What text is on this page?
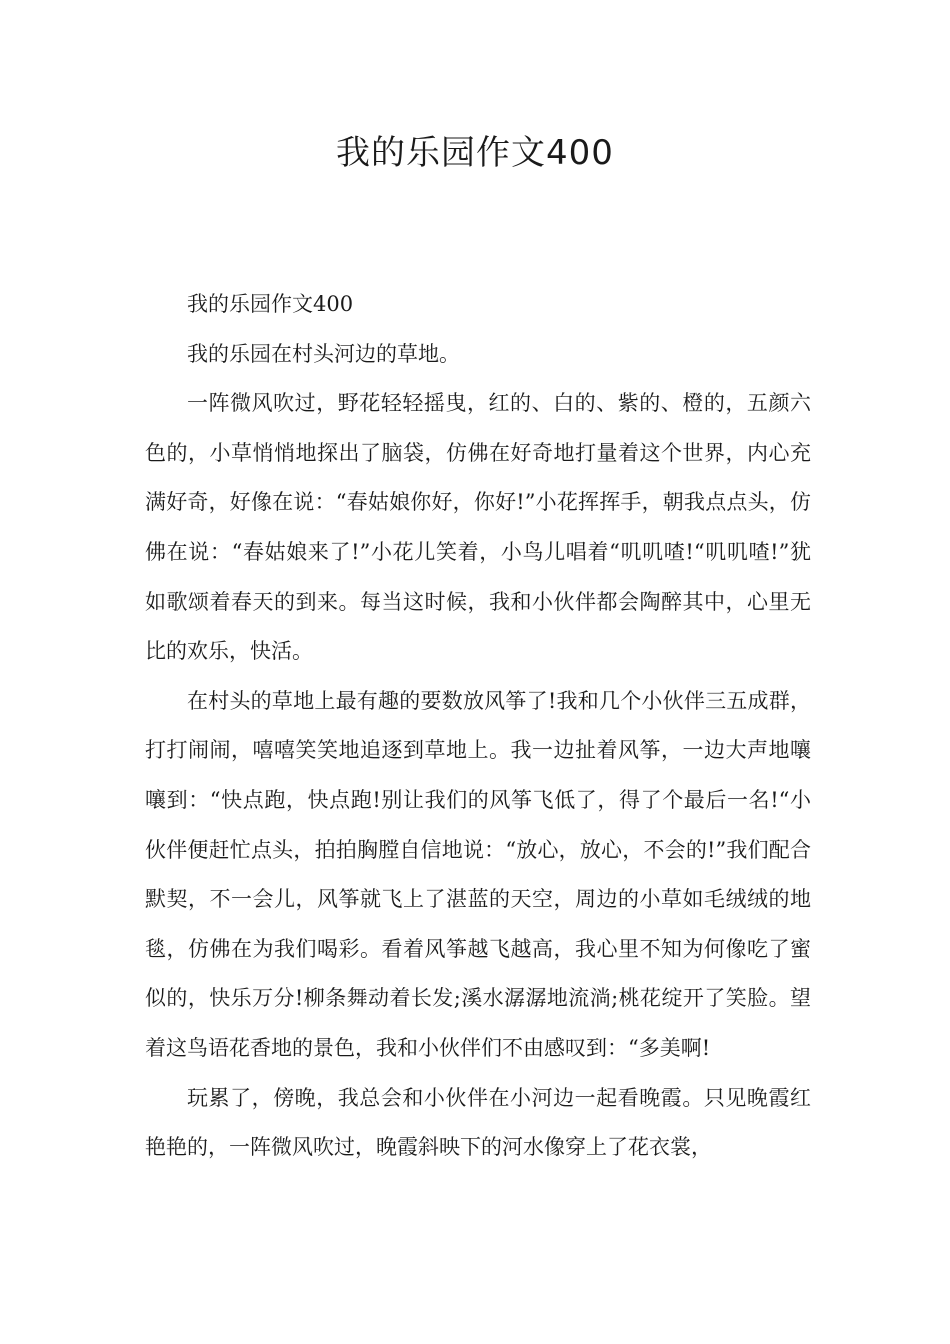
我的乐园作文400

我的乐园作文400

我的乐园在村头河边的草地。

一阵微风吹过，野花轻轻摇曳，红的、白的、紫的、橙的，五颜六色的，小草悄悄地探出了脑袋，仿佛在好奇地打量着这个世界，内心充满好奇，好像在说：“春姑娘你好，你好!”小花挥挥手，朝我点点头，仿佛在说：“春姑娘来了!”小花儿笑着，小鸟儿唱着“叽叽喳!“叽叽喳!”犹如歌颂着春天的到来。每当这时候，我和小伙伴都会陶醉其中，心里无比的欢乐，快活。

在村头的草地上最有趣的要数放风筝了!我和几个小伙伴三五成群，打打闹闹，嘻嘻笑笑地追逐到草地上。我一边扯着风筝，一边大声地嚷嚷到：“快点跑，快点跑!别让我们的风筝飞低了，得了个最后一名!“小伙伴便赶忙点头，拍拍胸膛自信地说：“放心，放心，不会的!”我们配合默契，不一会儿，风筝就飞上了湛蓝的天空，周边的小草如毛绒绒的地毯，仿佛在为我们喝彩。看着风筝越飞越高，我心里不知为何像吃了蜜似的，快乐万分!柳条舞动着长发;溪水潺潺地流淌;桃花绽开了笑脸。望着这鸟语花香地的景色，我和小伙伴们不由感叹到：“多美啊!

玩累了，傍晚，我总会和小伙伴在小河边一起看晚霞。只见晚霞红艳艳的，一阵微风吹过，晚霞斜映下的河水像穿上了花衣裳，
